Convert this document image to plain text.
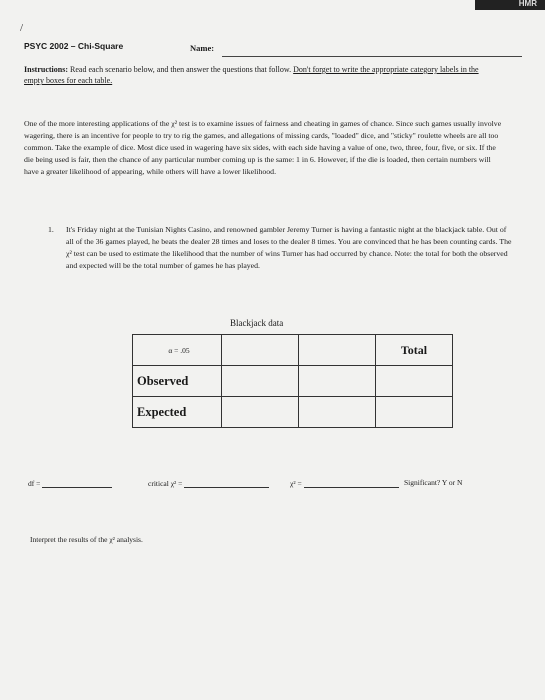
HMR
/
PSYC 2002 – Chi-Square	Name:
Instructions: Read each scenario below, and then answer the questions that follow. Don't forget to write the appropriate category labels in the empty boxes for each table.
One of the more interesting applications of the χ² test is to examine issues of fairness and cheating in games of chance. Since such games usually involve wagering, there is an incentive for people to try to rig the games, and allegations of missing cards, "loaded" dice, and "sticky" roulette wheels are all too common. Take the example of dice. Most dice used in wagering have six sides, with each side having a value of one, two, three, four, five, or six. If the die being used is fair, then the chance of any particular number coming up is the same: 1 in 6. However, if the die is loaded, then certain numbers will have a greater likelihood of appearing, while others will have a lower likelihood.
1.	It's Friday night at the Tunisian Nights Casino, and renowned gambler Jeremy Turner is having a fantastic night at the blackjack table. Out of all of the 36 games played, he beats the dealer 28 times and loses to the dealer 8 times. You are convinced that he has been counting cards. The χ² test can be used to estimate the likelihood that the number of wins Turner has had occurred by chance. Note: the total for both the observed and expected will be the total number of games he has played.
Blackjack data
α = .05			Total
Observed			
Expected			
df =	critical χ² =	χ² =	Significant? Y or N
Interpret the results of the χ² analysis.
